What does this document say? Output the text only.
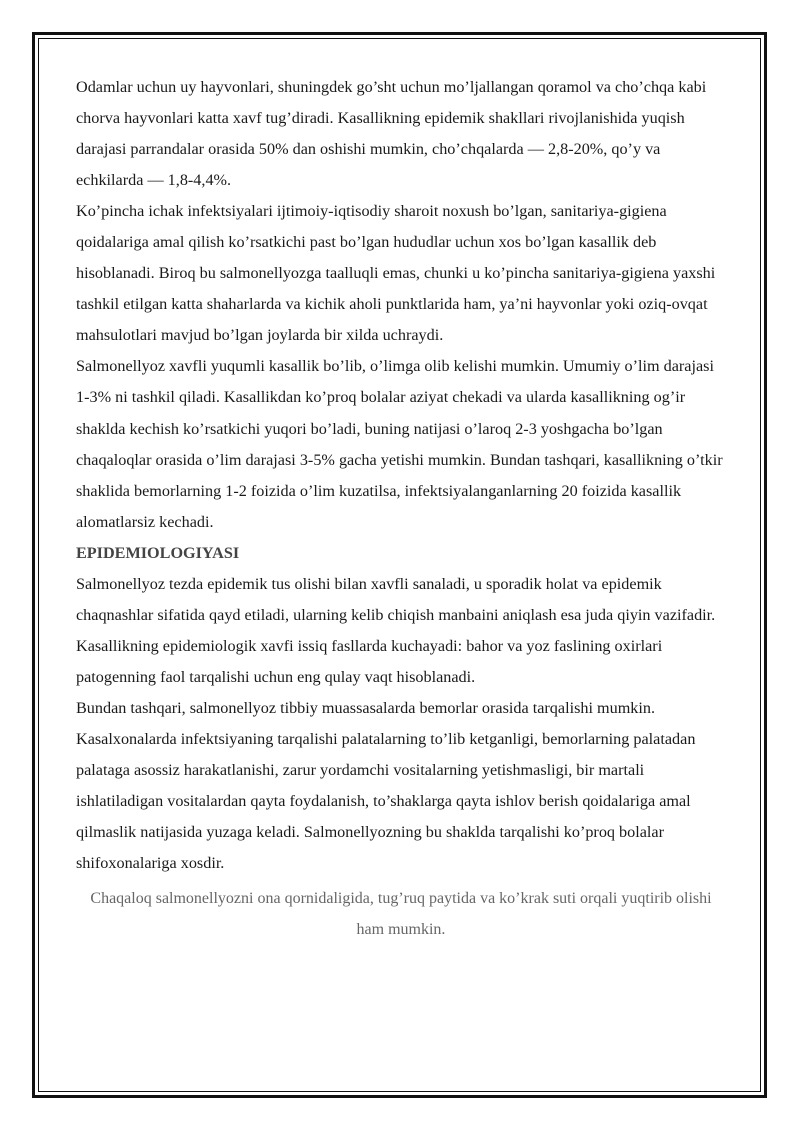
Odamlar uchun uy hayvonlari, shuningdek go’sht uchun mo’ljallangan qoramol va cho’chqa kabi chorva hayvonlari katta xavf tug’diradi. Kasallikning epidemik shakllari rivojlanishida yuqish darajasi parrandalar orasida 50% dan oshishi mumkin, cho’chqalarda — 2,8-20%, qo’y va echkilarda — 1,8-4,4%.

Ko’pincha ichak infektsiyalari ijtimoiy-iqtisodiy sharoit noxush bo’lgan, sanitariya-gigiena qoidalariga amal qilish ko’rsatkichi past bo’lgan hududlar uchun xos bo’lgan kasallik deb hisoblanadi. Biroq bu salmonellyozga taalluqli emas, chunki u ko’pincha sanitariya-gigiena yaxshi tashkil etilgan katta shaharlarda va kichik aholi punktlarida ham, ya’ni hayvonlar yoki oziq-ovqat mahsulotlari mavjud bo’lgan joylarda bir xilda uchraydi.

Salmonellyoz xavfli yuqumli kasallik bo’lib, o’limga olib kelishi mumkin. Umumiy o’lim darajasi 1-3% ni tashkil qiladi. Kasallikdan ko’proq bolalar aziyat chekadi va ularda kasallikning og’ir shaklda kechish ko’rsatkichi yuqori bo’ladi, buning natijasi o’laroq 2-3 yoshgacha bo’lgan chaqaloqlar orasida o’lim darajasi 3-5% gacha yetishi mumkin. Bundan tashqari, kasallikning o’tkir shaklida bemorlarning 1-2 foizida o’lim kuzatilsa, infektsiyalanganlarning 20 foizida kasallik alomatlarsiz kechadi.

EPIDEMIOLOGIYASI

Salmonellyoz tezda epidemik tus olishi bilan xavfli sanaladi, u sporadik holat va epidemik chaqnashlar sifatida qayd etiladi, ularning kelib chiqish manbaini aniqlash esa juda qiyin vazifadir. Kasallikning epidemiologik xavfi issiq fasllarda kuchayadi: bahor va yoz faslining oxirlari patogenning faol tarqalishi uchun eng qulay vaqt hisoblanadi.

Bundan tashqari, salmonellyoz tibbiy muassasalarda bemorlar orasida tarqalishi mumkin. Kasalxonalarda infektsiyaning tarqalishi palatalarning to’lib ketganligi, bemorlarning palatadan palataga asossiz harakatlanishi, zarur yordamchi vositalarning yetishmasligi, bir martali ishlatiladigan vositalardan qayta foydalanish, to’shaklarga qayta ishlov berish qoidalariga amal qilmaslik natijasida yuzaga keladi. Salmonellyozning bu shaklda tarqalishi ko’proq bolalar shifoxonalariga xosdir.

Chaqaloq salmonellyozni ona qornidaligida, tug’ruq paytida va ko’krak suti orqali yuqtirib olishi ham mumkin.
